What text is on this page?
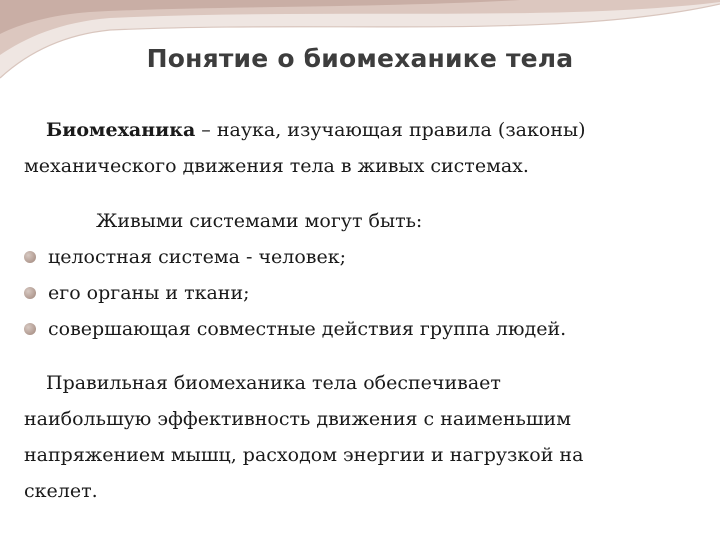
Понятие о биомеханике тела
Биомеханика – наука, изучающая правила (законы)
механического движения тела в живых системах.
Живыми системами могут быть:
целостная система - человек;
его органы и ткани;
совершающая совместные действия группа людей.
Правильная биомеханика тела обеспечивает
наибольшую эффективность движения с наименьшим
напряжением мышц, расходом энергии и нагрузкой на
скелет.
